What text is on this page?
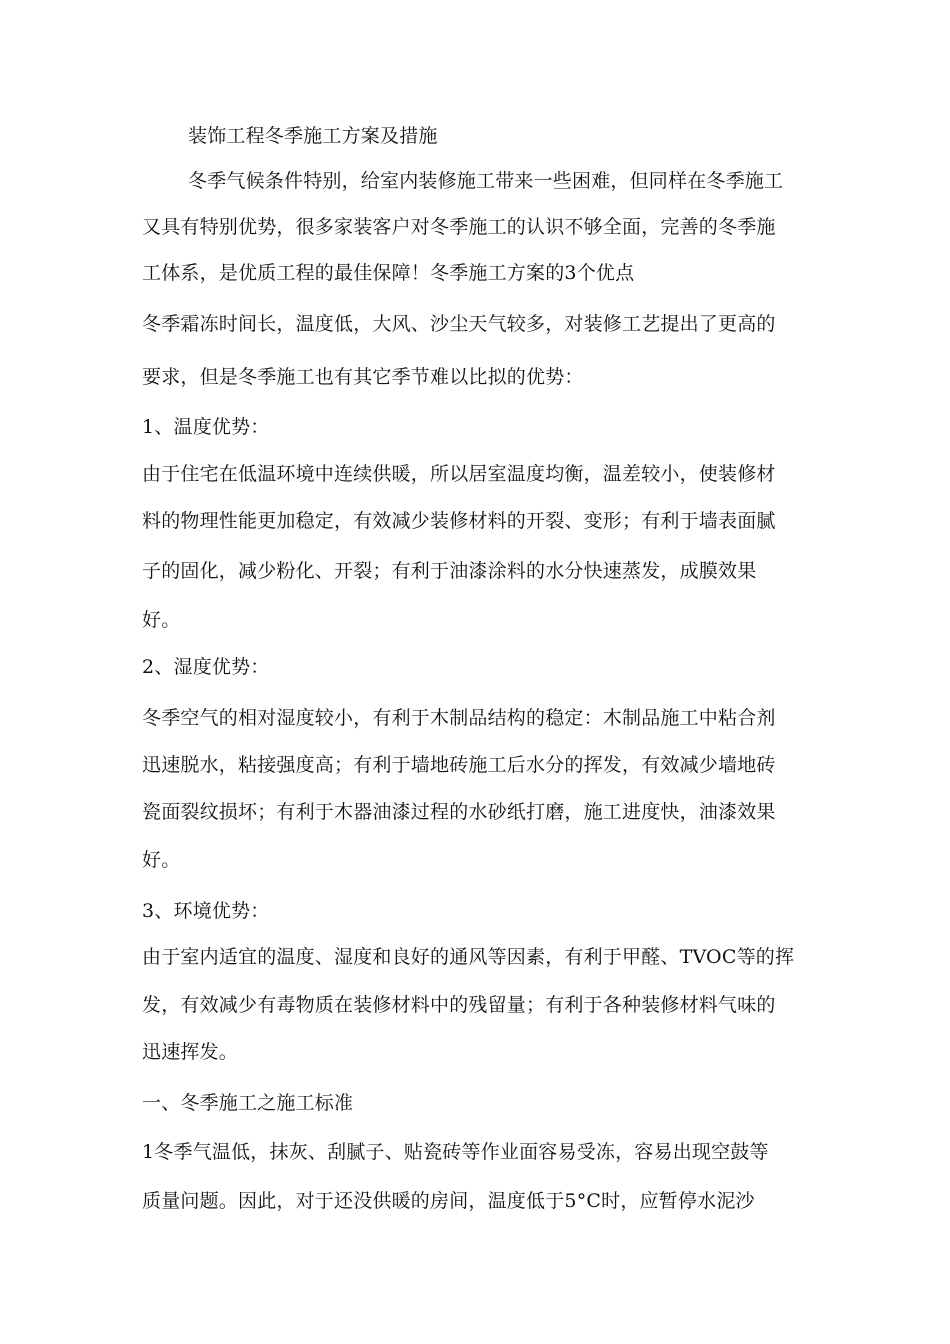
装饰工程冬季施工方案及措施
冬季气候条件特别，给室内装修施工带来一些困难，但同样在冬季施工
又具有特别优势，很多家装客户对冬季施工的认识不够全面，完善的冬季施
工体系，是优质工程的最佳保障！冬季施工方案的3个优点
冬季霜冻时间长，温度低，大风、沙尘天气较多，对装修工艺提出了更高的
要求，但是冬季施工也有其它季节难以比拟的优势：
1、温度优势：
由于住宅在低温环境中连续供暖，所以居室温度均衡，温差较小，使装修材
料的物理性能更加稳定，有效减少装修材料的开裂、变形；有利于墙表面腻
子的固化，减少粉化、开裂；有利于油漆涂料的水分快速蒸发，成膜效果
好。
2、湿度优势：
冬季空气的相对湿度较小，有利于木制品结构的稳定：木制品施工中粘合剂
迅速脱水，粘接强度高；有利于墙地砖施工后水分的挥发，有效减少墙地砖
瓷面裂纹损坏；有利于木器油漆过程的水砂纸打磨，施工进度快，油漆效果
好。
3、环境优势：
由于室内适宜的温度、湿度和良好的通风等因素，有利于甲醛、TVOC等的挥
发，有效减少有毒物质在装修材料中的残留量；有利于各种装修材料气味的
迅速挥发。
一、冬季施工之施工标准
1冬季气温低，抹灰、刮腻子、贴瓷砖等作业面容易受冻，容易出现空鼓等
质量问题。因此，对于还没供暖的房间，温度低于5°C时，应暂停水泥沙
